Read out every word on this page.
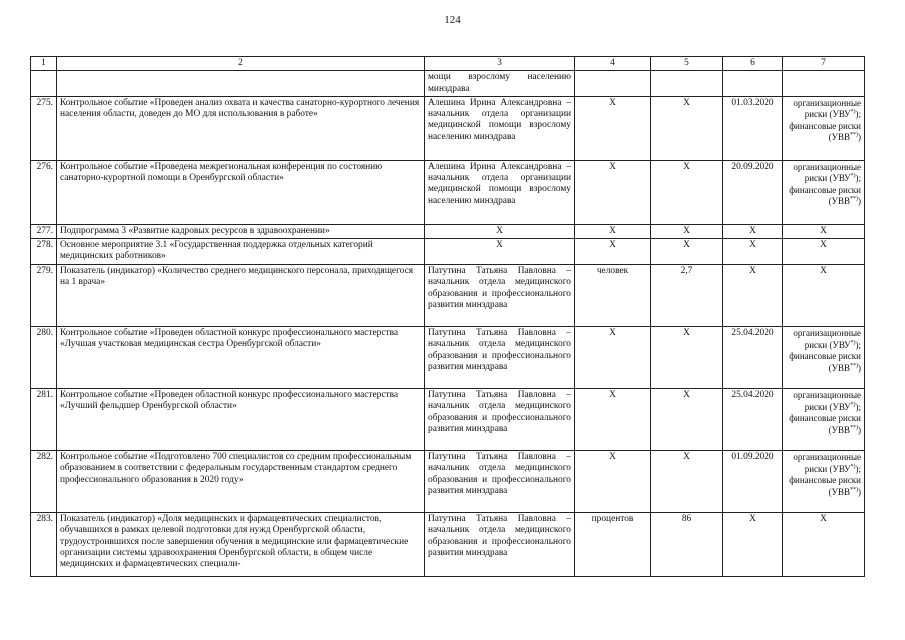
124
1	2	3	4	5	6	7
		мощи взрослому населению минздрава				
275.	Контрольное событие «Проведен анализ охвата и качества санаторно-курортного лечения населения области, доведен до МО для использования в работе»	Алешина Ирина Александровна – начальник отдела организации медицинской помощи взрослому населению минздрава	X	X	01.03.2020	организационные
риски (УВУ*));
финансовые риски
(УВВ**))

276.	Контрольное событие «Проведена межрегиональная конференция по состоянию санаторно-курортной помощи в Оренбургской области»	Алешина Ирина Александровна – начальник отдела организации медицинской помощи взрослому населению минздрава	X	X	20.09.2020	организационные
риски (УВУ*));
финансовые риски
(УВВ**))

277.	Подпрограмма 3 «Развитие кадровых ресурсов в здравоохранении»	X	X	X	X	X
278.	Основное мероприятие 3.1 «Государственная поддержка отдельных категорий медицинских работников»	X	X	X	X	X
279.	Показатель (индикатор) «Количество среднего медицинского персонала, приходящегося на 1 врача»	Патутина Татьяна Павловна – начальник отдела медицинского образования и профессионального развития минздрава	человек	2,7	X	X
280.	Контрольное событие «Проведен областной конкурс профессионального мастерства «Лучшая участковая медицинская сестра Оренбургской области»	Патутина Татьяна Павловна – начальник отдела медицинского образования и профессионального развития минздрава	X	X	25.04.2020	организационные
риски (УВУ*));
финансовые риски
(УВВ**))

281.	Контрольное событие «Проведен областной конкурс профессионального мастерства «Лучший фельдшер Оренбургской области»	Патутина Татьяна Павловна – начальник отдела медицинского образования и профессионального развития минздрава	X	X	25.04.2020	организационные
риски (УВУ*));
финансовые риски
(УВВ**))

282.	Контрольное событие «Подготовлено 700 специалистов со средним профессиональным образованием в соответствии с федеральным государственным стандартом среднего профессионального образования в 2020 году»	Патутина Татьяна Павловна – начальник отдела медицинского образования и профессионального развития минздрава	X	X	01.09.2020	организационные
риски (УВУ*));
финансовые риски
(УВВ**))

283.	Показатель (индикатор) «Доля медицинских и фармацевтических специалистов, обучавшихся в рамках целевой подготовки для нужд Оренбургской области, трудоустроившихся после завершения обучения в медицинские или фармацевтические организации системы здравоохранения Оренбургской области, в общем числе медицинских и фармацевтических специали-	Патутина Татьяна Павловна – начальник отдела медицинского образования и профессионального развития минздрава	процентов	86	X	X
